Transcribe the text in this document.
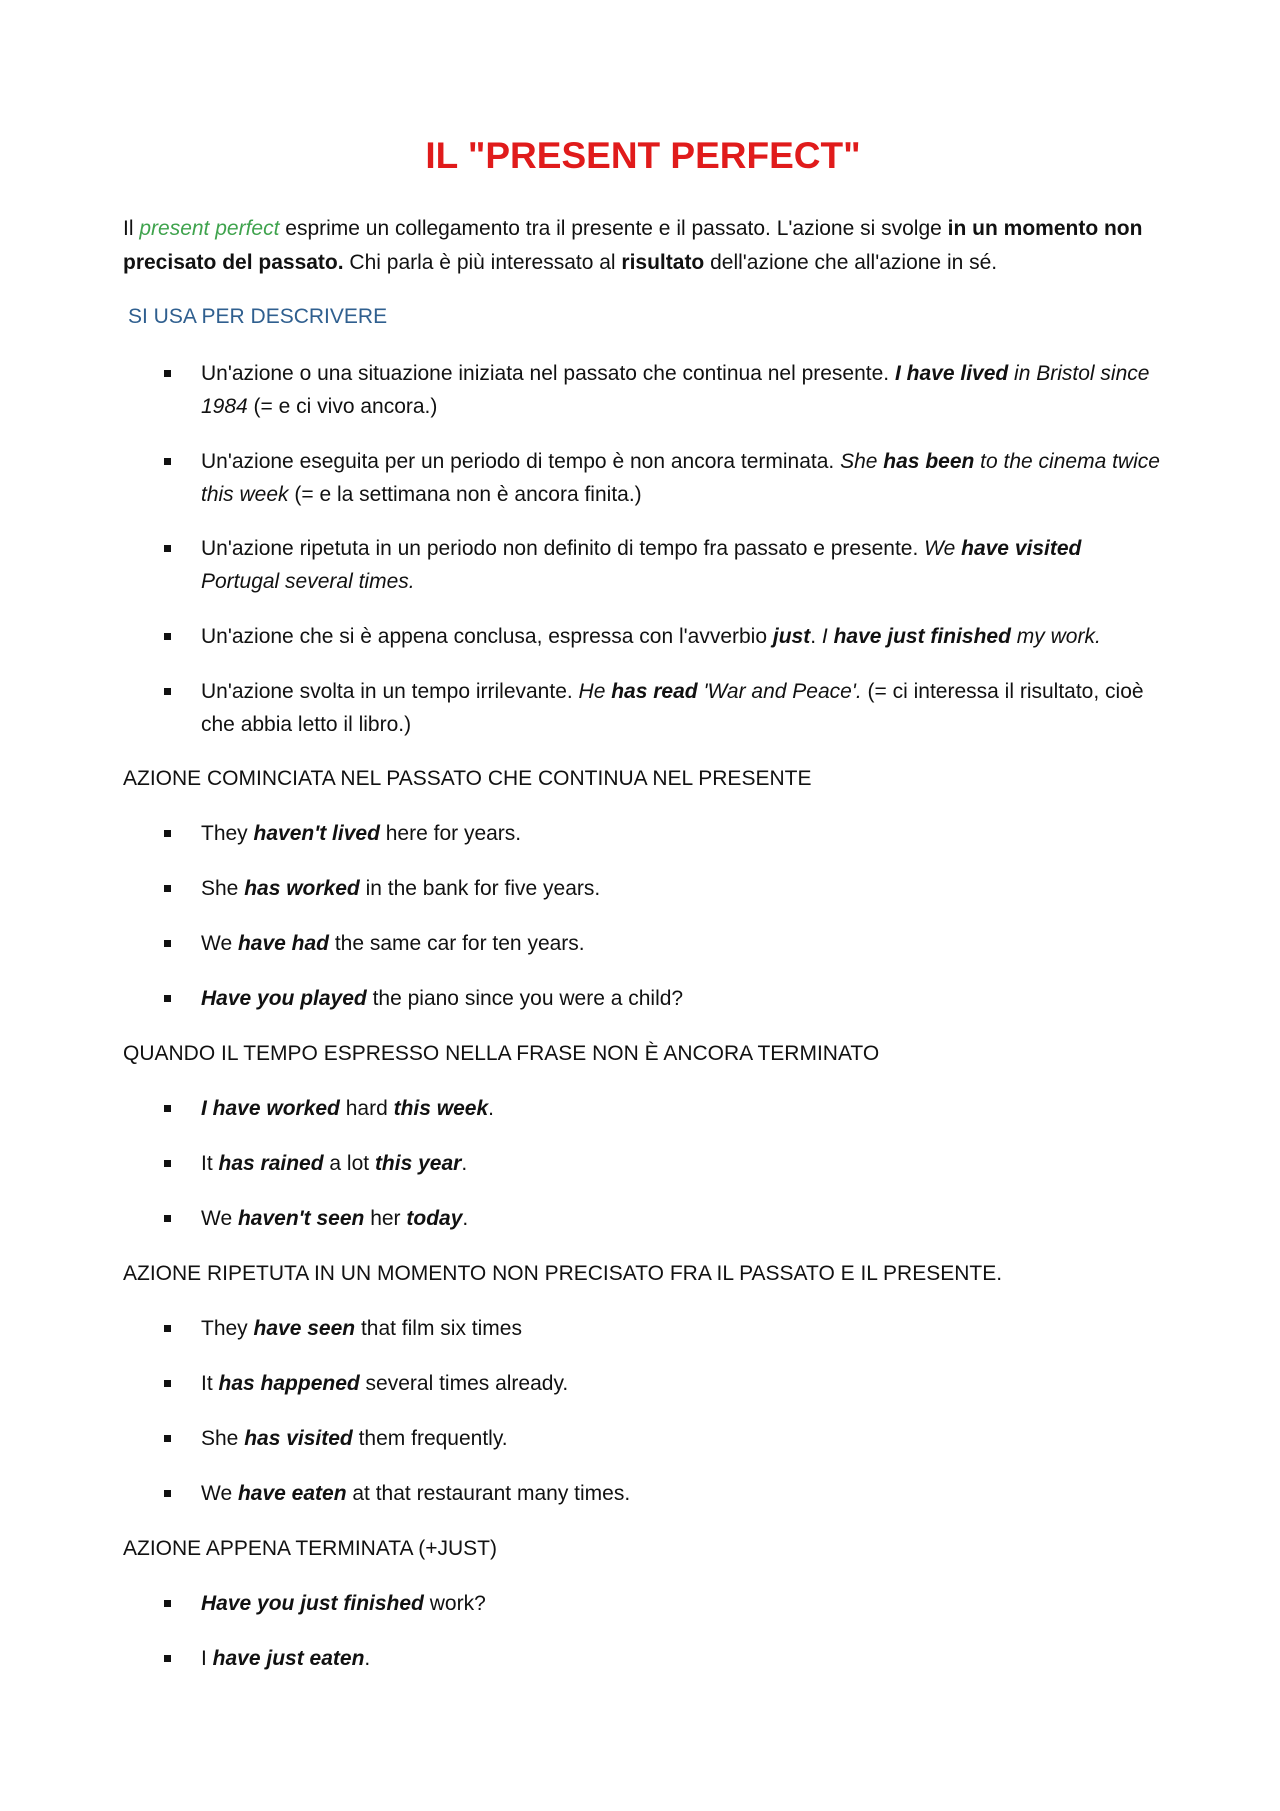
IL "PRESENT PERFECT"

Il present perfect esprime un collegamento tra il presente e il passato. L'azione si svolge in un momento non precisato del passato. Chi parla è più interessato al risultato dell'azione che all'azione in sé.

SI USA PER DESCRIVERE

Un'azione o una situazione iniziata nel passato che continua nel presente. I have lived in Bristol since 1984 (= e ci vivo ancora.)

Un'azione eseguita per un periodo di tempo è non ancora terminata. She has been to the cinema twice this week (= e la settimana non è ancora finita.)

Un'azione ripetuta in un periodo non definito di tempo fra passato e presente. We have visited Portugal several times.

Un'azione che si è appena conclusa, espressa con l'avverbio just. I have just finished my work.

Un'azione svolta in un tempo irrilevante. He has read 'War and Peace'. (= ci interessa il risultato, cioè che abbia letto il libro.)

AZIONE COMINCIATA NEL PASSATO CHE CONTINUA NEL PRESENTE

They haven't lived here for years.

She has worked in the bank for five years.

We have had the same car for ten years.

Have you played the piano since you were a child?

QUANDO IL TEMPO ESPRESSO NELLA FRASE NON È ANCORA TERMINATO

I have worked hard this week.

It has rained a lot this year.

We haven't seen her today.

AZIONE RIPETUTA IN UN MOMENTO NON PRECISATO FRA IL PASSATO E IL PRESENTE.

They have seen that film six times

It has happened several times already.

She has visited them frequently.

We have eaten at that restaurant many times.

AZIONE APPENA TERMINATA (+JUST)

Have you just finished work?

I have just eaten.
